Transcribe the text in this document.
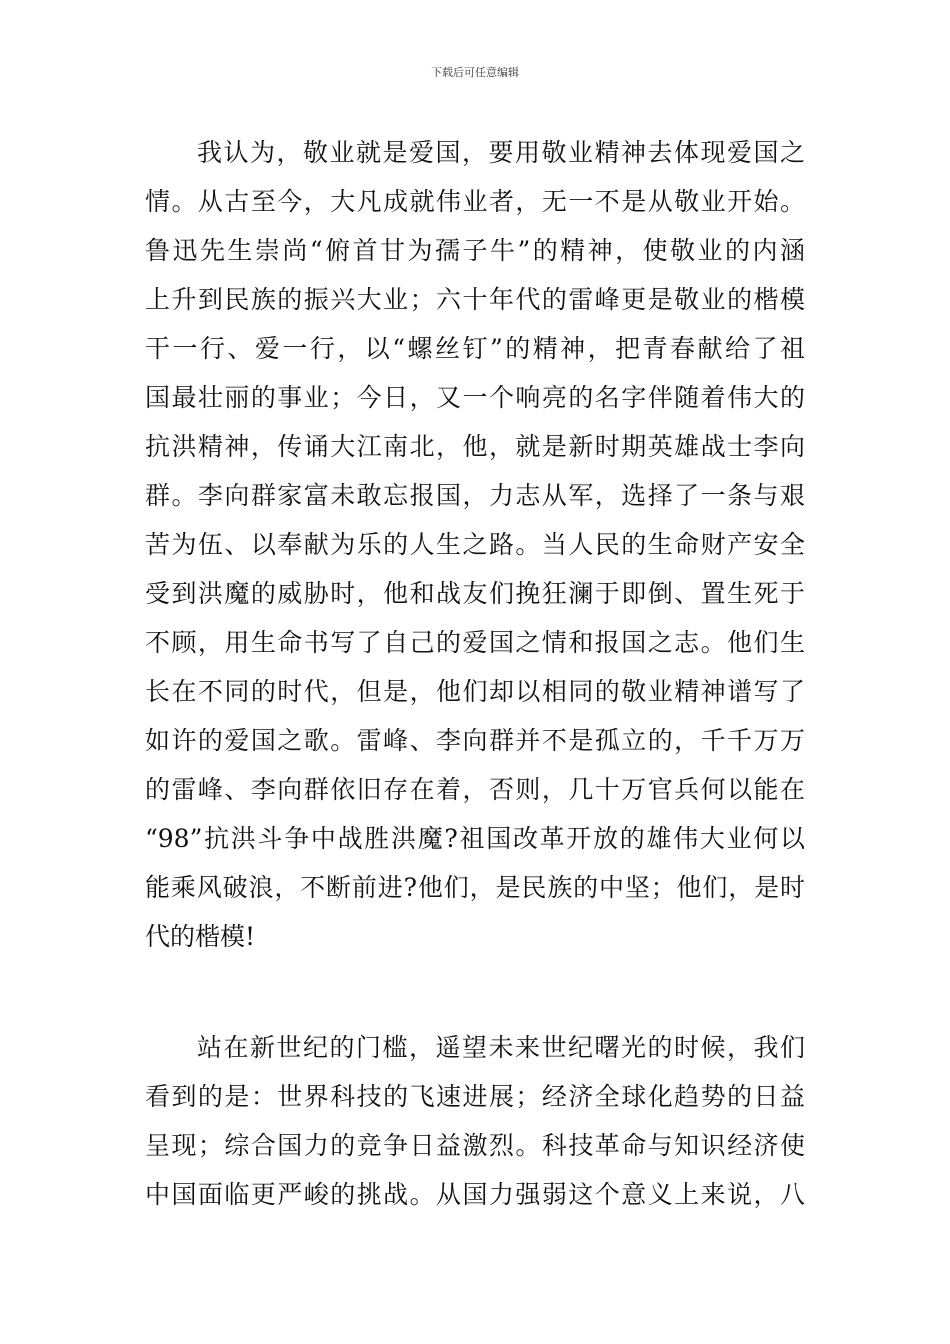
下载后可任意编辑
我认为，敬业就是爱国，要用敬业精神去体现爱国之
情。从古至今，大凡成就伟业者，无一不是从敬业开始。
鲁迅先生崇尚“俯首甘为孺子牛”的精神，使敬业的内涵
上升到民族的振兴大业；六十年代的雷峰更是敬业的楷模
干一行、爱一行，以“螺丝钉”的精神，把青春献给了祖
国最壮丽的事业；今日，又一个响亮的名字伴随着伟大的
抗洪精神，传诵大江南北，他，就是新时期英雄战士李向
群。李向群家富未敢忘报国，力志从军，选择了一条与艰
苦为伍、以奉献为乐的人生之路。当人民的生命财产安全
受到洪魔的威胁时，他和战友们挽狂澜于即倒、置生死于
不顾，用生命书写了自己的爱国之情和报国之志。他们生
长在不同的时代，但是，他们却以相同的敬业精神谱写了
如许的爱国之歌。雷峰、李向群并不是孤立的，千千万万
的雷峰、李向群依旧存在着，否则，几十万官兵何以能在
“98”抗洪斗争中战胜洪魔?祖国改革开放的雄伟大业何以
能乘风破浪，不断前进?他们，是民族的中坚；他们，是时
代的楷模!
站在新世纪的门槛，遥望未来世纪曙光的时候，我们
看到的是：世界科技的飞速进展；经济全球化趋势的日益
呈现；综合国力的竞争日益激烈。科技革命与知识经济使
中国面临更严峻的挑战。从国力强弱这个意义上来说，八
